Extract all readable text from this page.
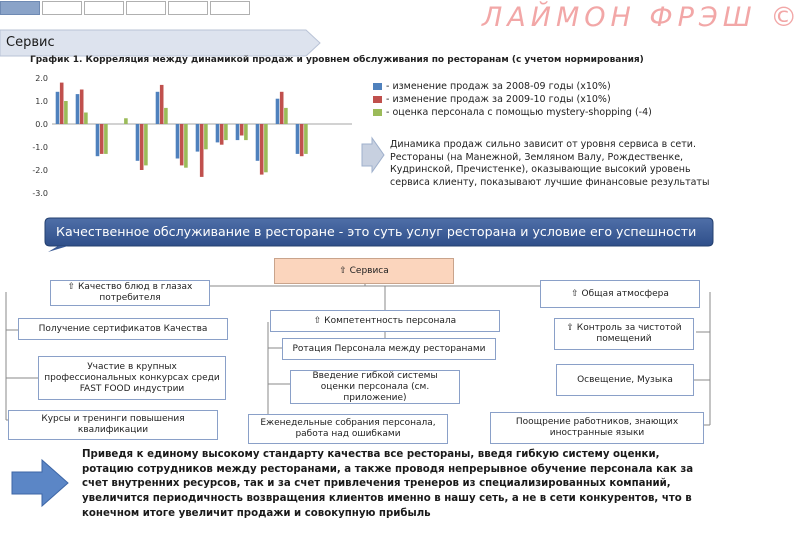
ЛАЙМОН ФРЭШ ©
Сервис
График 1. Корреляция между динамикой продаж и уровнем обслуживания по ресторанам (с учетом нормирования)
2.0
1.0
0.0
-1.0
-2.0
-3.0
- изменение продаж за 2008-09 годы (х10%)
- изменение продаж за 2009-10 годы (х10%)
- оценка персонала с помощью mystery-shopping (-4)
Динамика продаж сильно зависит от уровня сервиса в сети. Рестораны (на Манежной, Земляном Валу, Рождественке, Кудринской, Пречистенке), оказывающие высокий уровень сервиса клиенту, показывают лучшие финансовые результаты
Качественное обслуживание в ресторане - это суть услуг ресторана и условие его успешности
⇧ Сервиса
⇧ Качество блюд в глазах потребителя
⇧ Компетентность персонала
⇧ Общая атмосфера
Получение сертификатов Качества
Участие в крупных профессиональных конкурсах среди FAST FOOD индустрии
Курсы и тренинги повышения квалификации
Ротация Персонала между ресторанами
Введение гибкой системы оценки персонала (см. приложение)
Еженедельные собрания персонала, работа над ошибками
⇧ Контроль за чистотой помещений
Освещение, Музыка
Поощрение работников, знающих иностранные языки
Приведя к единому высокому стандарту качества все рестораны, введя гибкую систему оценки, ротацию сотрудников между ресторанами, а также проводя непрерывное обучение персонала как за счет внутренних ресурсов, так и за счет привлечения тренеров из специализированных компаний, увеличится периодичность возвращения клиентов именно в нашу сеть, а не в сети конкурентов, что в конечном итоге увеличит продажи и совокупную прибыль
